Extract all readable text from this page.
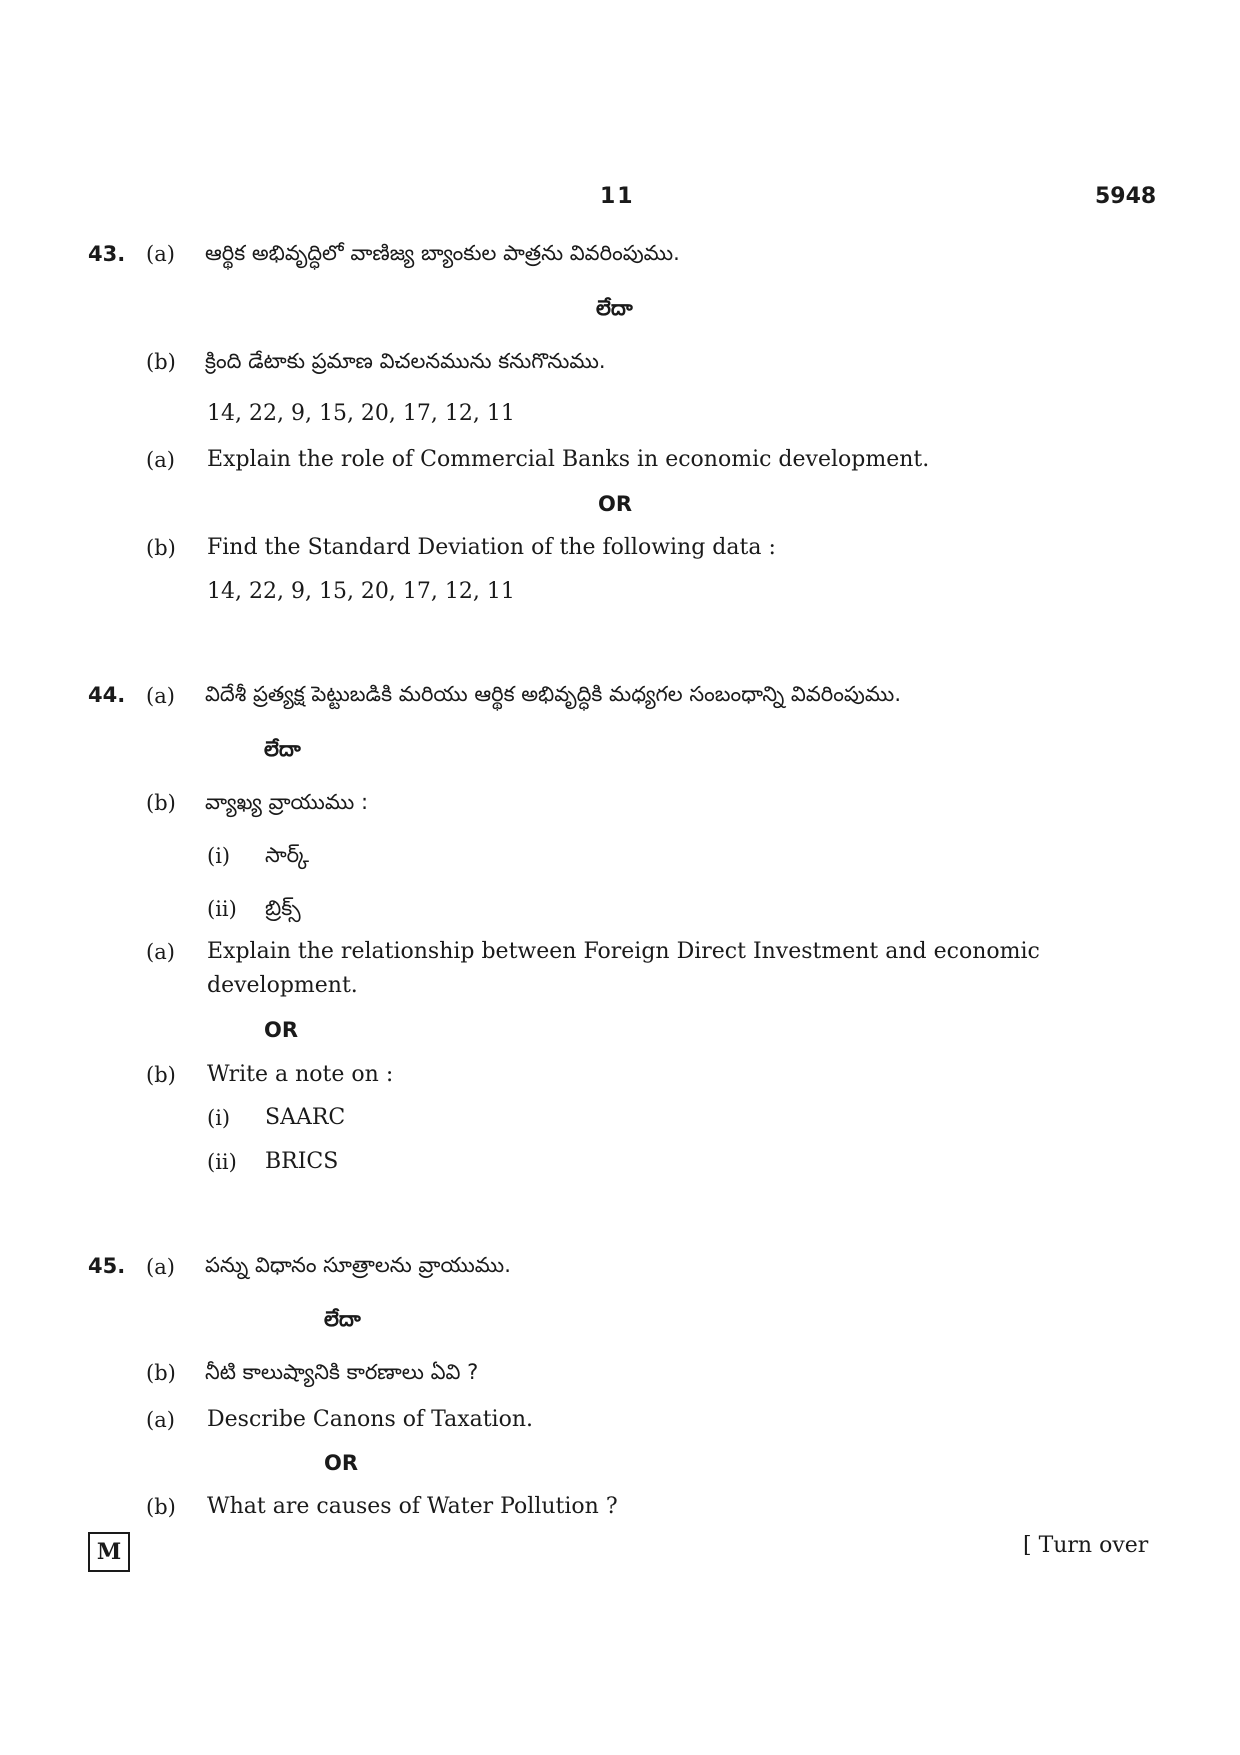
11	5948
43. (a) ఆర్థిక అభివృద్ధిలో వాణిజ్య బ్యాంకుల పాత్రను వివరింపుము.
లేదా
(b) క్రింది డేటాకు ప్రమాణ విచలనమును కనుగొనుము.
14, 22, 9, 15, 20, 17, 12, 11
(a) Explain the role of Commercial Banks in economic development.
OR
(b) Find the Standard Deviation of the following data :
14, 22, 9, 15, 20, 17, 12, 11
44. (a) విదేశీ ప్రత్యక్ష పెట్టుబడికి మరియు ఆర్థిక అభివృద్ధికి మధ్యగల సంబంధాన్ని వివరింపుము.
లేదా
(b) వ్యాఖ్య వ్రాయుము :
(i) సార్క్
(ii) బ్రిక్స్
(a) Explain the relationship between Foreign Direct Investment and economic development.
OR
(b) Write a note on :
(i) SAARC
(ii) BRICS
45. (a) పన్ను విధానం సూత్రాలను వ్రాయుము.
లేదా
(b) నీటి కాలుష్యానికి కారణాలు ఏవి ?
(a) Describe Canons of Taxation.
OR
(b) What are causes of Water Pollution ?
M	[ Turn over
